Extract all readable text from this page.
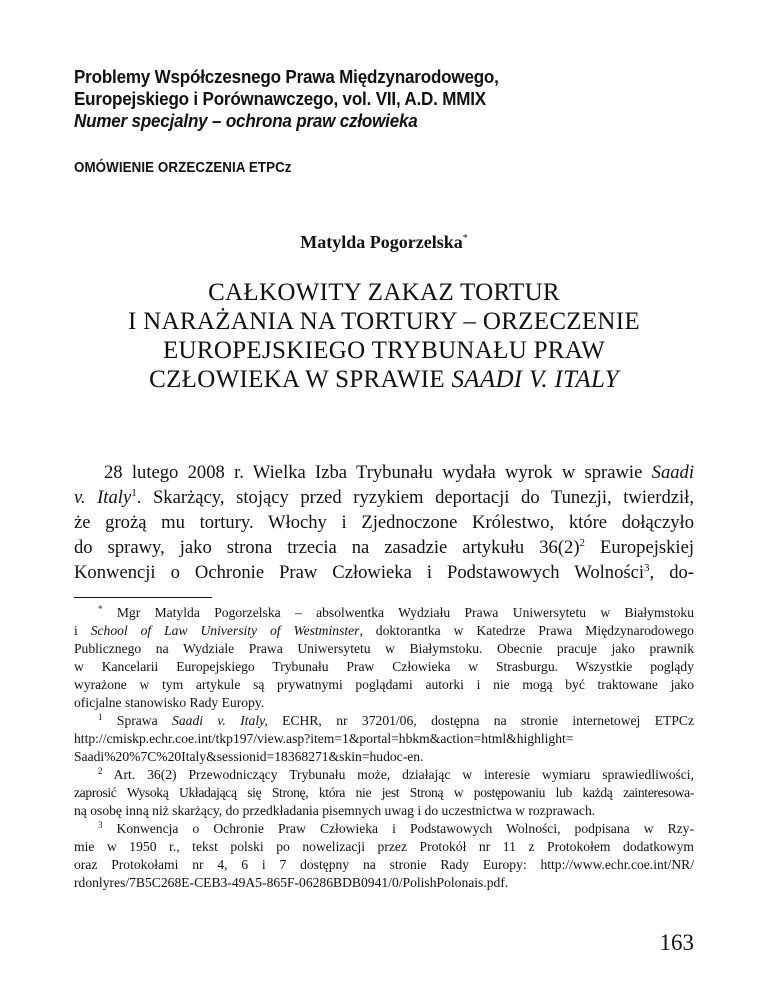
Problemy Współczesnego Prawa Międzynarodowego,
Europejskiego i Porównawczego, vol. VII, A.D. MMIX
Numer specjalny – ochrona praw człowieka
OMÓWIENIE ORZECZENIA ETPCz
Matylda Pogorzelska*
CAŁKOWITY ZAKAZ TORTUR
I NARAŻANIA NA TORTURY – ORZECZENIE
EUROPEJSKIEGO TRYBUNAŁU PRAW
CZŁOWIEKA W SPRAWIE SAADI V. ITALY
28 lutego 2008 r. Wielka Izba Trybunału wydała wyrok w sprawie Saadi
v. Italy$^1$. Skarżący, stojący przed ryzykiem deportacji do Tunezji, twierdził,
że grożą mu tortury. Włochy i Zjednoczone Królestwo, które dołączyło
do sprawy, jako strona trzecia na zasadzie artykułu $36(2)^2$ Europejskiej
Konwencji o Ochronie Praw Człowieka i Podstawowych Wolności$^3$, do-
* Mgr Matylda Pogorzelska – absolwentka Wydziału Prawa Uniwersytetu w Białymstoku
i School of Law University of Westminster, doktorantka w Katedrze Prawa Międzynarodowego
Publicznego na Wydziale Prawa Uniwersytetu w Białymstoku. Obecnie pracuje jako prawnik
w Kancelarii Europejskiego Trybunału Praw Człowieka w Strasburgu. Wszystkie poglądy
wyrażone w tym artykule są prywatnymi poglądami autorki i nie mogą być traktowane jako
oficjalne stanowisko Rady Europy.
$^1$ Sprawa Saadi v. Italy, ECHR, nr 37201/06, dostępna na stronie internetowej ETPCz
http://cmiskp.echr.coe.int/tkp197/view.asp?item=1&portal=hbkm&action=html&highlight=
Saadi%20%7C%20Italy&sessionid=18368271&skin=hudoc-en.
$^2$ Art. 36(2) Przewodniczący Trybunału może, działając w interesie wymiaru sprawiedliwości,
zaprosić Wysoką Układającą się Stronę, która nie jest Stroną w postępowaniu lub każdą zainteresowa-
ną osobę inną niż skarżący, do przedkładania pisemnych uwag i do uczestnictwa w rozprawach.
$^3$ Konwencja o Ochronie Praw Człowieka i Podstawowych Wolności, podpisana w Rzy-
mie w 1950 r., tekst polski po nowelizacji przez Protokół nr 11 z Protokołem dodatkowym
oraz Protokołami nr 4, 6 i 7 dostępny na stronie Rady Europy: http://www.echr.coe.int/NR/
rdonlyres/7B5C268E-CEB3-49A5-865F-06286BDB0941/0/PolishPolonais.pdf.
163
